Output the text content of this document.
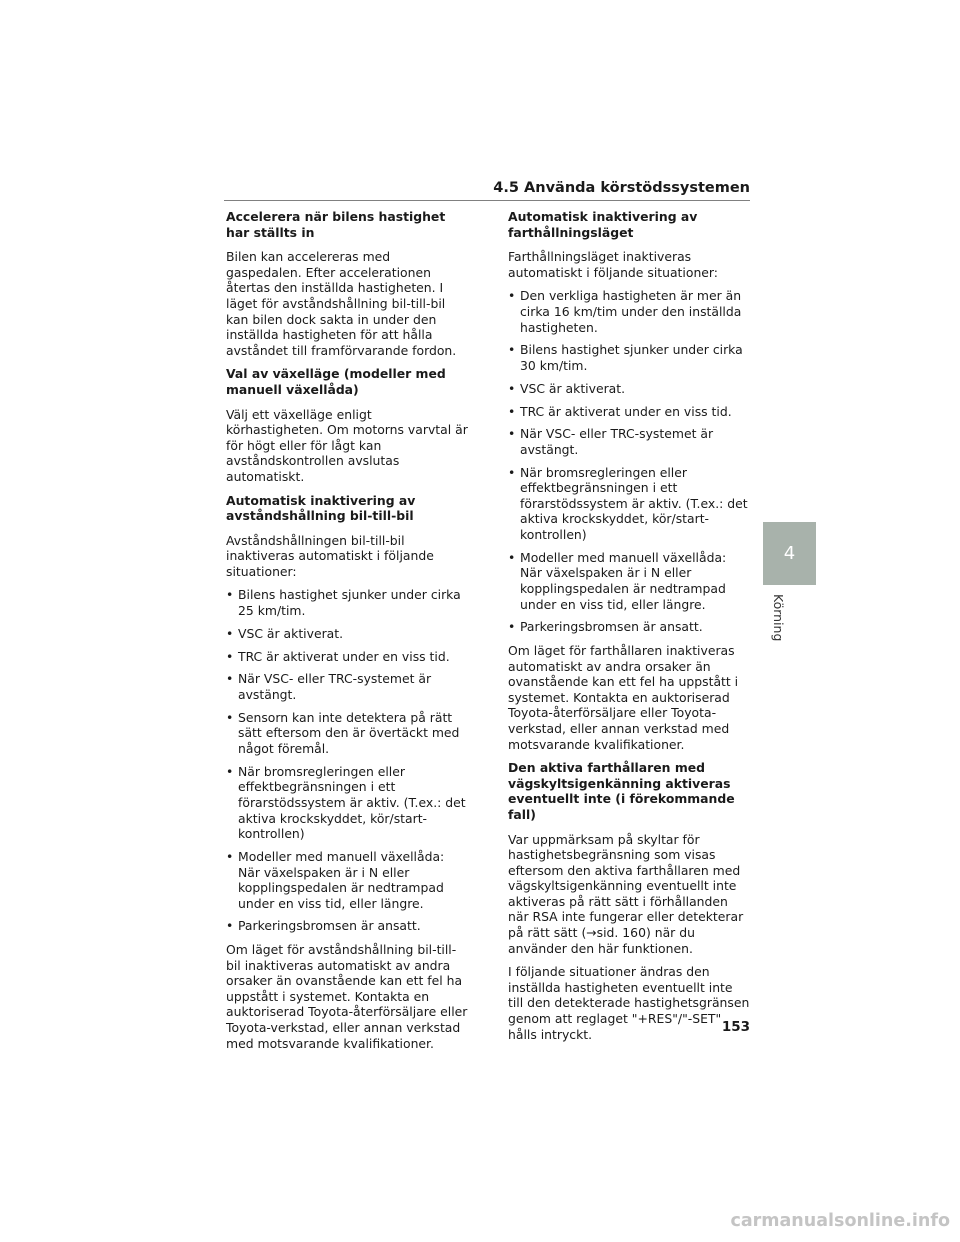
4.5 Använda körstödssystemen
Accelerera när bilens hastighet har ställts in

Bilen kan accelereras med gaspedalen. Efter accelerationen återtas den inställda hastigheten. I läget för avståndshållning bil-till-bil kan bilen dock sakta in under den inställda hastigheten för att hålla avståndet till framförvarande fordon.

Val av växelläge (modeller med manuell växellåda)

Välj ett växelläge enligt körhastigheten. Om motorns varvtal är för högt eller för lågt kan avståndskontrollen avslutas automatiskt.

Automatisk inaktivering av avståndshållning bil-till-bil

Avståndshållningen bil-till-bil inaktiveras automatiskt i följande situationer:

• Bilens hastighet sjunker under cirka 25 km/tim.
• VSC är aktiverat.
• TRC är aktiverat under en viss tid.
• När VSC- eller TRC-systemet är avstängt.
• Sensorn kan inte detektera på rätt sätt eftersom den är övertäckt med något föremål.
• När bromsregleringen eller effektbegränsningen i ett förarstödssystem är aktiv. (T.ex.: det aktiva krockskyddet, kör/start-kontrollen)
• Modeller med manuell växellåda: När växelspaken är i N eller kopplingspedalen är nedtrampad under en viss tid, eller längre.
• Parkeringsbromsen är ansatt.

Om läget för avståndshållning bil-till-bil inaktiveras automatiskt av andra orsaker än ovanstående kan ett fel ha uppstått i systemet. Kontakta en auktoriserad Toyota-återförsäljare eller Toyota-verkstad, eller annan verkstad med motsvarande kvalifikationer.

Automatisk inaktivering av farthållningsläget

Farthållningsläget inaktiveras automatiskt i följande situationer:

• Den verkliga hastigheten är mer än cirka 16 km/tim under den inställda hastigheten.
• Bilens hastighet sjunker under cirka 30 km/tim.
• VSC är aktiverat.
• TRC är aktiverat under en viss tid.
• När VSC- eller TRC-systemet är avstängt.
• När bromsregleringen eller effektbegränsningen i ett förarstödssystem är aktiv. (T.ex.: det aktiva krockskyddet, kör/start-kontrollen)
• Modeller med manuell växellåda: När växelspaken är i N eller kopplingspedalen är nedtrampad under en viss tid, eller längre.
• Parkeringsbromsen är ansatt.

Om läget för farthållaren inaktiveras automatiskt av andra orsaker än ovanstående kan ett fel ha uppstått i systemet. Kontakta en auktoriserad Toyota-återförsäljare eller Toyota-verkstad, eller annan verkstad med motsvarande kvalifikationer.

Den aktiva farthållaren med vägskyltsigenkänning aktiveras eventuellt inte (i förekommande fall)

Var uppmärksam på skyltar för hastighetsbegränsning som visas eftersom den aktiva farthållaren med vägskyltsigenkänning eventuellt inte aktiveras på rätt sätt i förhållanden när RSA inte fungerar eller detekterar på rätt sätt (→sid. 160) när du använder den här funktionen.

I följande situationer ändras den inställda hastigheten eventuellt inte till den detekterade hastighetsgränsen genom att reglaget "+RES"/"-SET" hålls intryckt.

4
Körning
153
carmanualsonline.info
